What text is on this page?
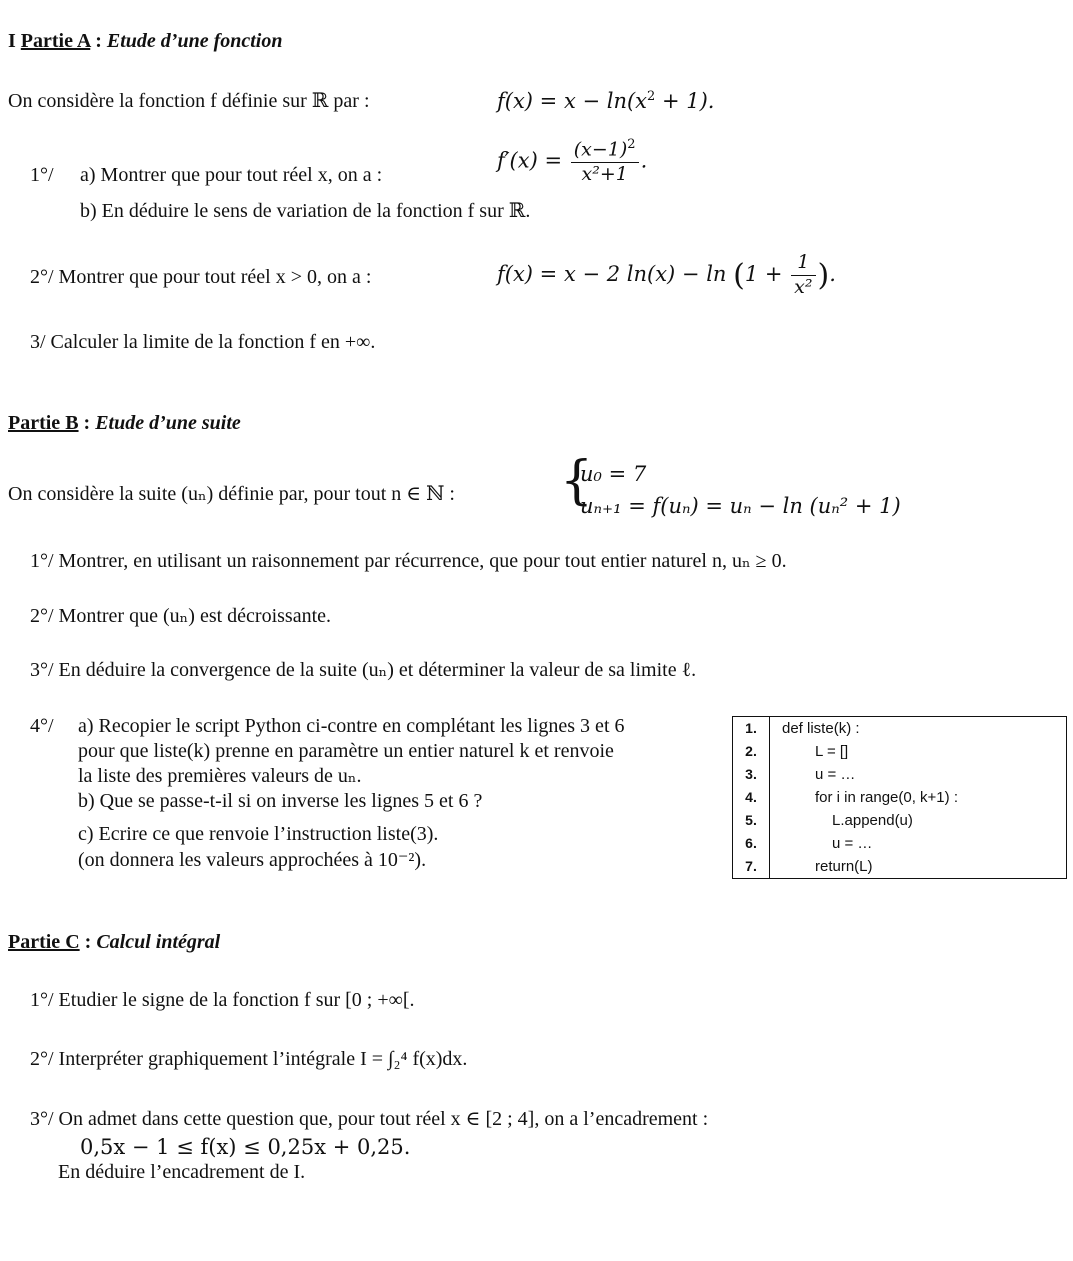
I Partie A : Etude d’une fonction
On considère la fonction f définie sur ℝ par :	$f(x) = x - \ln(x^2 + 1)$.
1°/ a) Montrer que pour tout réel x, on a :
$f'(x) = \frac{(x-1)^2}{\text{x²+1}}$ .
b) En déduire le sens de variation de la fonction f sur ℝ.
2°/ Montrer que pour tout réel x > 0, on a :	f(x) = x − 2 $\ln(x) - \ln (1 + \frac{1}{\text{x²}}$ ).
3/ Calculer la limite de la fonction f en +∞.
Partie B : Etude d’une suite
On considère la suite (uₙ) définie par, pour tout n ∈ ℕ : {
u₀ = 7
uₙ₊₁ = f(uₙ) = uₙ − ln (uₙ² + 1)
1°/ Montrer, en utilisant un raisonnement par récurrence, que pour tout entier naturel n, uₙ ≥ 0.
2°/ Montrer que (uₙ) est décroissante.
3°/ En déduire la convergence de la suite (uₙ) et déterminer la valeur de sa limite ℓ.
4°/ a) Recopier le script Python ci-contre en complétant les lignes 3 et 6
pour que liste(k) prenne en paramètre un entier naturel k et renvoie
la liste des premières valeurs de uₙ.
b) Que se passe-t-il si on inverse les lignes 5 et 6 ?
c) Ecrire ce que renvoie l’instruction liste(3).
(on donnera les valeurs approchées à 10⁻²).
1.	def liste(k) :
2.	L = []
3.	u = …
4.	for i in range(0, k+1) :
5.	L.append(u)
6.	u = …
7.	return(L)
Partie C : Calcul intégral
1°/ Etudier le signe de la fonction f sur [0 ; +∞[.
2°/ Interpréter graphiquement l’intégrale I = ∫₂⁴ f(x)dx.
3°/ On admet dans cette question que, pour tout réel x ∈ [2 ; 4], on a l’encadrement :
0,5x − 1 ≤ f(x) ≤ 0,25x + 0,25.
En déduire l’encadrement de I.
